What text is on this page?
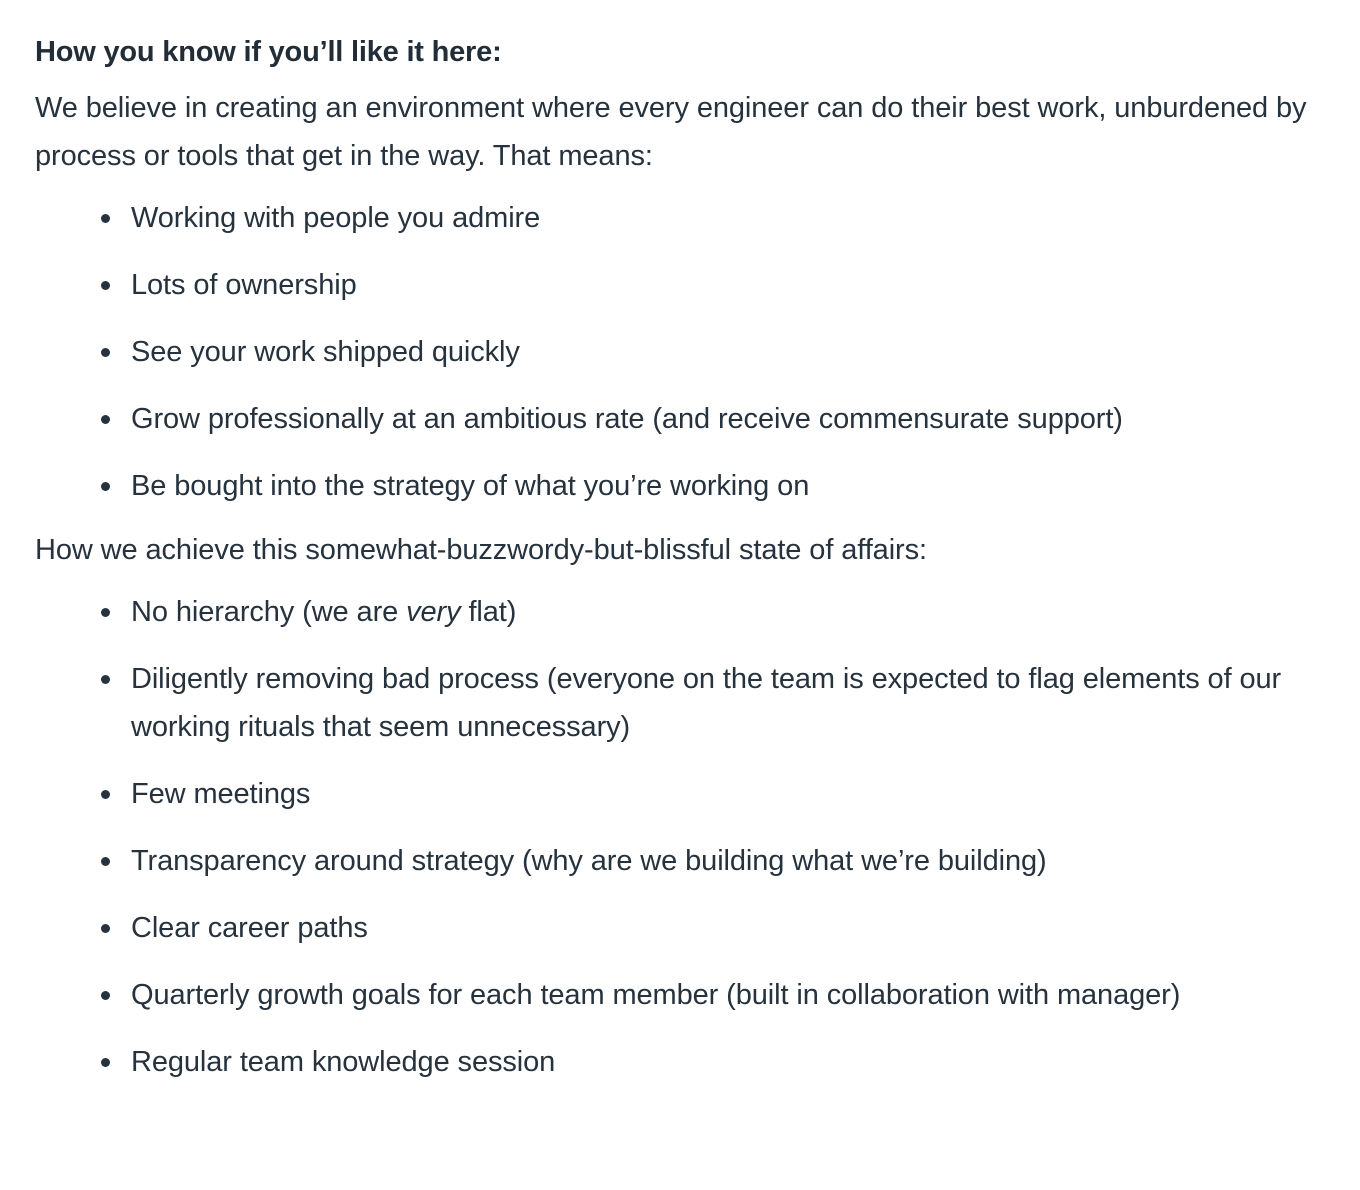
How you know if you’ll like it here:

We believe in creating an environment where every engineer can do their best work, unburdened by process or tools that get in the way. That means:

Working with people you admire
Lots of ownership
See your work shipped quickly
Grow professionally at an ambitious rate (and receive commensurate support)
Be bought into the strategy of what you’re working on

How we achieve this somewhat-buzzwordy-but-blissful state of affairs:

No hierarchy (we are very flat)
Diligently removing bad process (everyone on the team is expected to flag elements of our working rituals that seem unnecessary)
Few meetings
Transparency around strategy (why are we building what we’re building)
Clear career paths
Quarterly growth goals for each team member (built in collaboration with manager)
Regular team knowledge session
